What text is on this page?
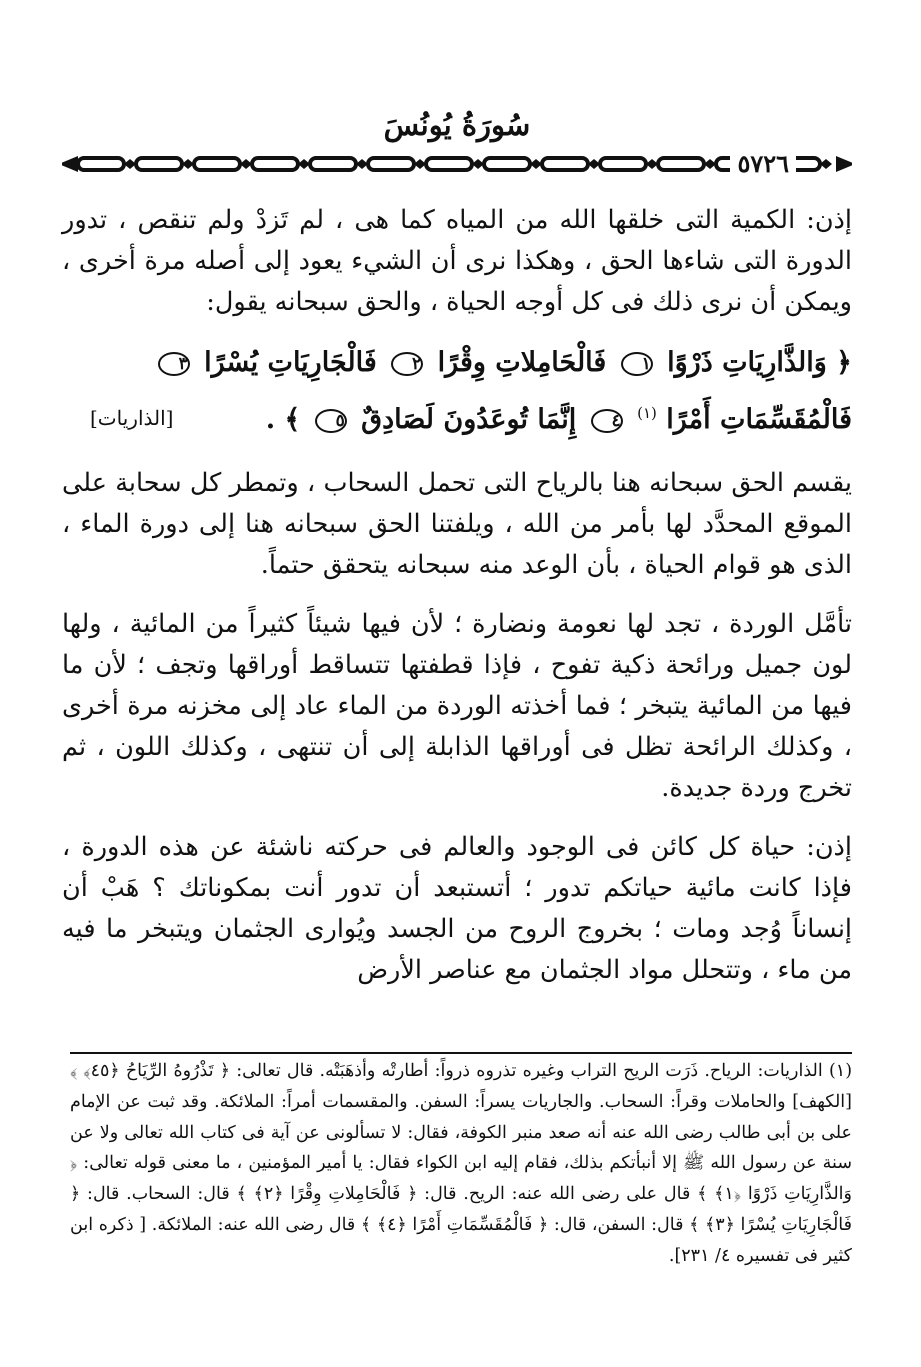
سُورَةُ يُونُسَ
٥٧٢٦

إذن: الكمية التى خلقها الله من المياه كما هى ، لم تَزدْ ولم تنقص ، تدور الدورة التى شاءها الحق ، وهكذا نرى أن الشيء يعود إلى أصله مرة أخرى ، ويمكن أن نرى ذلك فى كل أوجه الحياة ، والحق سبحانه يقول:

﴿ وَالذَّارِيَاتِ ذَرْوًا ١ فَالْحَامِلاتِ وِقْرًا ٢ فَالْجَارِيَاتِ يُسْرًا ٣
فَالْمُقَسِّمَاتِ أَمْرًا $^{(١)}$ ٤ إِنَّمَا تُوعَدُونَ لَصَادِقٌ ٥ ﴾ .
[الذاريات]

يقسم الحق سبحانه هنا بالرياح التى تحمل السحاب ، وتمطر كل سحابة على الموقع المحدَّد لها بأمر من الله ، ويلفتنا الحق سبحانه هنا إلى دورة الماء ، الذى هو قوام الحياة ، بأن الوعد منه سبحانه يتحقق حتماً.

تأمَّل الوردة ، تجد لها نعومة ونضارة ؛ لأن فيها شيئاً كثيراً من المائية ، ولها لون جميل ورائحة ذكية تفوح ، فإذا قطفتها تتساقط أوراقها وتجف ؛ لأن ما فيها من المائية يتبخر ؛ فما أخذته الوردة من الماء عاد إلى مخزنه مرة أخرى ، وكذلك الرائحة تظل فى أوراقها الذابلة إلى أن تنتهى ، وكذلك اللون ، ثم تخرج وردة جديدة.

إذن: حياة كل كائن فى الوجود والعالم فى حركته ناشئة عن هذه الدورة ، فإذا كانت مائية حياتكم تدور ؛ أتستبعد أن تدور أنت بمكوناتك ؟ هَبْ أن إنساناً وُجد ومات ؛ بخروج الروح من الجسد ويُوارى الجثمان ويتبخر ما فيه من ماء ، وتتحلل مواد الجثمان مع عناصر الأرض

(١) الذاريات: الرياح. ذَرَت الريح التراب وغيره تذروه ذرواً: أطارتْه وأذهَبَتْه. قال تعالى: ﴿ تَذْرُوهُ الرِّيَاحُ ﴿٤٥﴾ ﴾ [الكهف] والحاملات وقراً: السحاب. والجاريات يسراً: السفن. والمقسمات أمراً: الملائكة. وقد ثبت عن الإمام على بن أبى طالب رضى الله عنه أنه صعد منبر الكوفة، فقال: لا تسألونى عن آية فى كتاب الله تعالى ولا عن سنة عن رسول الله ﷺ إلا أنبأتكم بذلك، فقام إليه ابن الكواء فقال: يا أمير المؤمنين ، ما معنى قوله تعالى: ﴿ وَالذَّارِيَاتِ ذَرْوًا ﴿١﴾ ﴾ قال على رضى الله عنه: الريح. قال: ﴿ فَالْحَامِلاتِ وِقْرًا ﴿٢﴾ ﴾ قال: السحاب. قال: ﴿ فَالْجَارِيَاتِ يُسْرًا ﴿٣﴾ ﴾ قال: السفن، قال: ﴿ فَالْمُقَسِّمَاتِ أَمْرًا ﴿٤﴾ ﴾ قال رضى الله عنه: الملائكة. [ ذكره ابن كثير فى تفسيره ٤/ ٢٣١].
